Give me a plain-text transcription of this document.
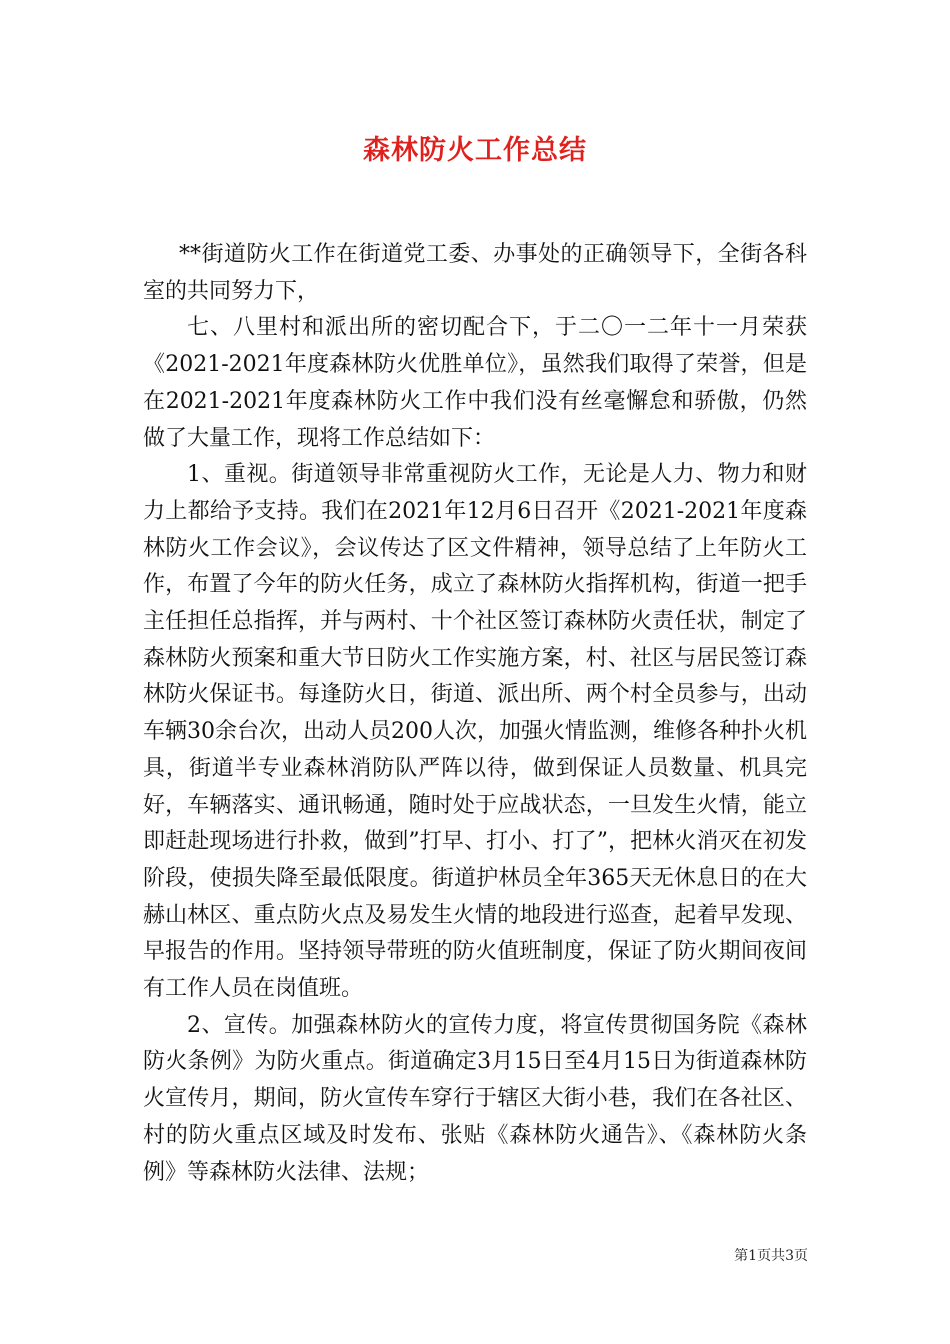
森林防火工作总结

**街道防火工作在街道党工委、办事处的正确领导下，全街各科室的共同努力下，

七、八里村和派出所的密切配合下，于二〇一二年十一月荣获《2021-2021年度森林防火优胜单位》，虽然我们取得了荣誉，但是在2021-2021年度森林防火工作中我们没有丝毫懈怠和骄傲，仍然做了大量工作，现将工作总结如下：

1、重视。街道领导非常重视防火工作，无论是人力、物力和财力上都给予支持。我们在2021年12月6日召开《2021-2021年度森林防火工作会议》，会议传达了区文件精神，领导总结了上年防火工作，布置了今年的防火任务，成立了森林防火指挥机构，街道一把手主任担任总指挥，并与两村、十个社区签订森林防火责任状，制定了森林防火预案和重大节日防火工作实施方案，村、社区与居民签订森林防火保证书。每逢防火日，街道、派出所、两个村全员参与，出动车辆30余台次，出动人员200人次，加强火情监测，维修各种扑火机具，街道半专业森林消防队严阵以待，做到保证人员数量、机具完好，车辆落实、通讯畅通，随时处于应战状态，一旦发生火情，能立即赶赴现场进行扑救，做到”打早、打小、打了”，把林火消灭在初发阶段，使损失降至最低限度。街道护林员全年365天无休息日的在大赫山林区、重点防火点及易发生火情的地段进行巡查，起着早发现、早报告的作用。坚持领导带班的防火值班制度，保证了防火期间夜间有工作人员在岗值班。

2、宣传。加强森林防火的宣传力度，将宣传贯彻国务院《森林防火条例》为防火重点。街道确定3月15日至4月15日为街道森林防火宣传月，期间，防火宣传车穿行于辖区大街小巷，我们在各社区、村的防火重点区域及时发布、张贴《森林防火通告》、《森林防火条例》等森林防火法律、法规；

第1页共3页
